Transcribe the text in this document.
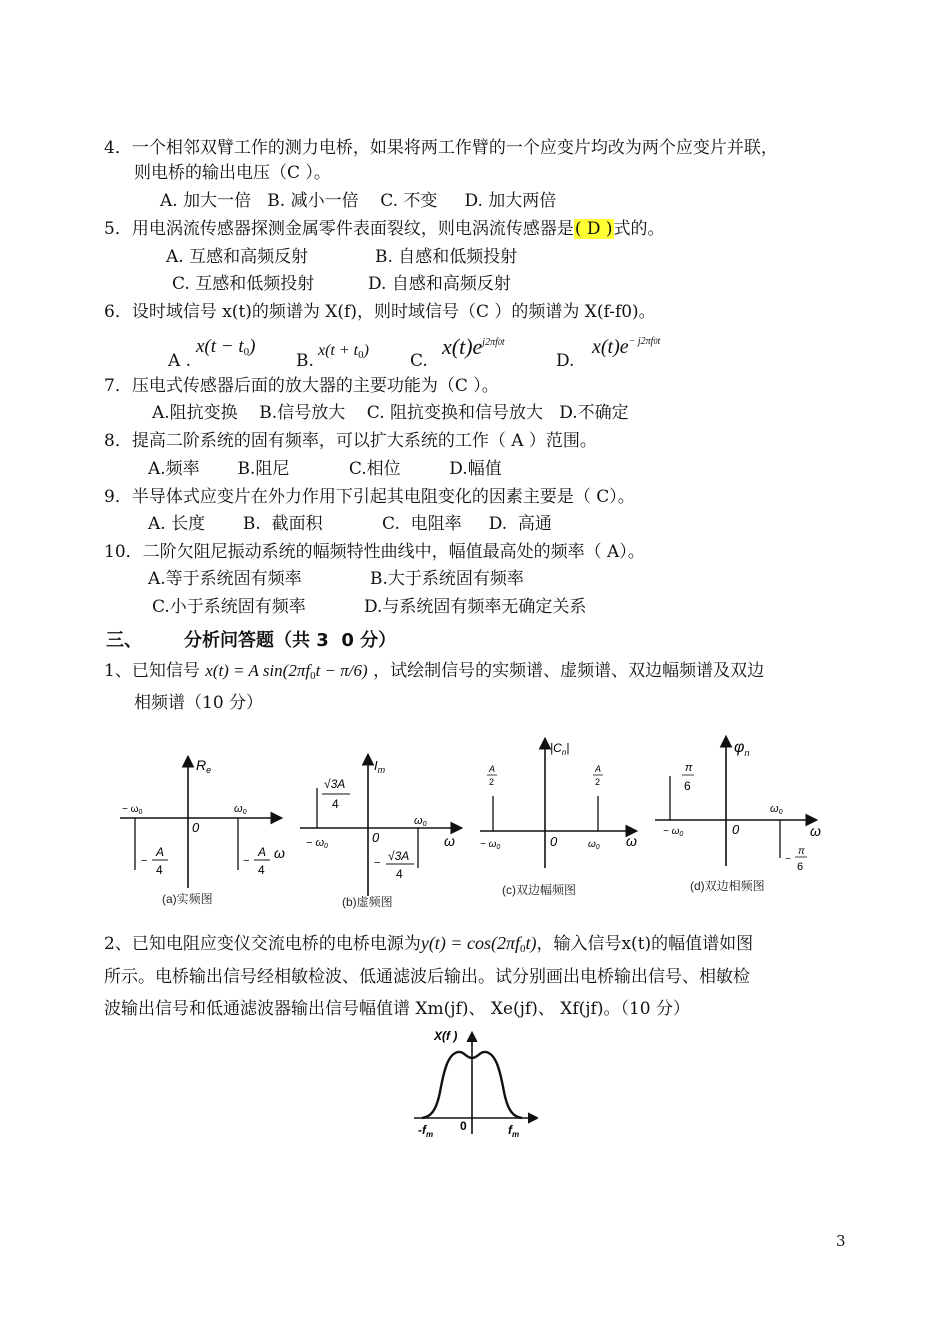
4．一个相邻双臂工作的测力电桥，如果将两工作臂的一个应变片均改为两个应变片并联，
则电桥的输出电压（C ）。
A. 加大一倍   B. 减小一倍    C. 不变     D. 加大两倍
5．用电涡流传感器探测金属零件表面裂纹，则电涡流传感器是( D )式的。
A. 互感和高频反射	B. 自感和低频投射
C. 互感和低频投射	D. 自感和高频反射
6．设时域信号 x(t)的频谱为 X(f)，则时域信号（C ）的频谱为 X(f-f0)。
A .
$x(t - t_0)$
B.
$x(t + t_0)$
C.
$x(t)e^{j2\pi f0t}$
D.
$x(t)e^{- j2\pi f0t}$
7．压电式传感器后面的放大器的主要功能为（C ）。
A.阻抗变换    B.信号放大    C. 阻抗变换和信号放大   D.不确定
8．提高二阶系统的固有频率，可以扩大系统的工作（ A ）范围。
A.频率       B.阻尼           C.相位         D.幅值
9．半导体式应变片在外力作用下引起其电阻变化的因素主要是（ C）。
A. 长度       B.  截面积           C.  电阻率     D.  高通
10．二阶欠阻尼振动系统的幅频特性曲线中，幅值最高处的频率（ A）。
A.等于系统固有频率	B.大于系统固有频率
C.小于系统固有频率	D.与系统固有频率无确定关系
三、 分析问答题（共 3  0 分）
1、已知信号 x(t) = A $\sin(2\pi f_0t - \pi/6)$ ，试绘制信号的实频谱、虚频谱、双边幅频谱及双边
相频谱（10 分）
$R_e$
− $\omega_0$	ω0
0
−
A
4
−
A
4
ω
(a)实频图
$I_m$
√3A
4
− ω0
ω0
0
− √3A
4
ω
(b)虚频图
$|C_n|$
A
2
A
2
− $\omega_0$	0	$\omega_0$ ω
(c)双边幅频图
$\varphi_n$
π
6
− $\omega_0$	0
ω0
−
π
6
ω
(d)双边相频图
2、已知电阻应变仪交流电桥的电桥电源为$y(t) = \cos(2\pi f_0t)$，输入信号x(t)的幅值谱如图
所示。电桥输出信号经相敏检波、低通滤波后输出。试分别画出电桥输出信号、相敏检
波输出信号和低通滤波器输出信号幅值谱 Xm(jf)、 Xe(jf)、 Xf(jf)。（10 分）
X(f )
$-f_m$
0	$f_m$
3
